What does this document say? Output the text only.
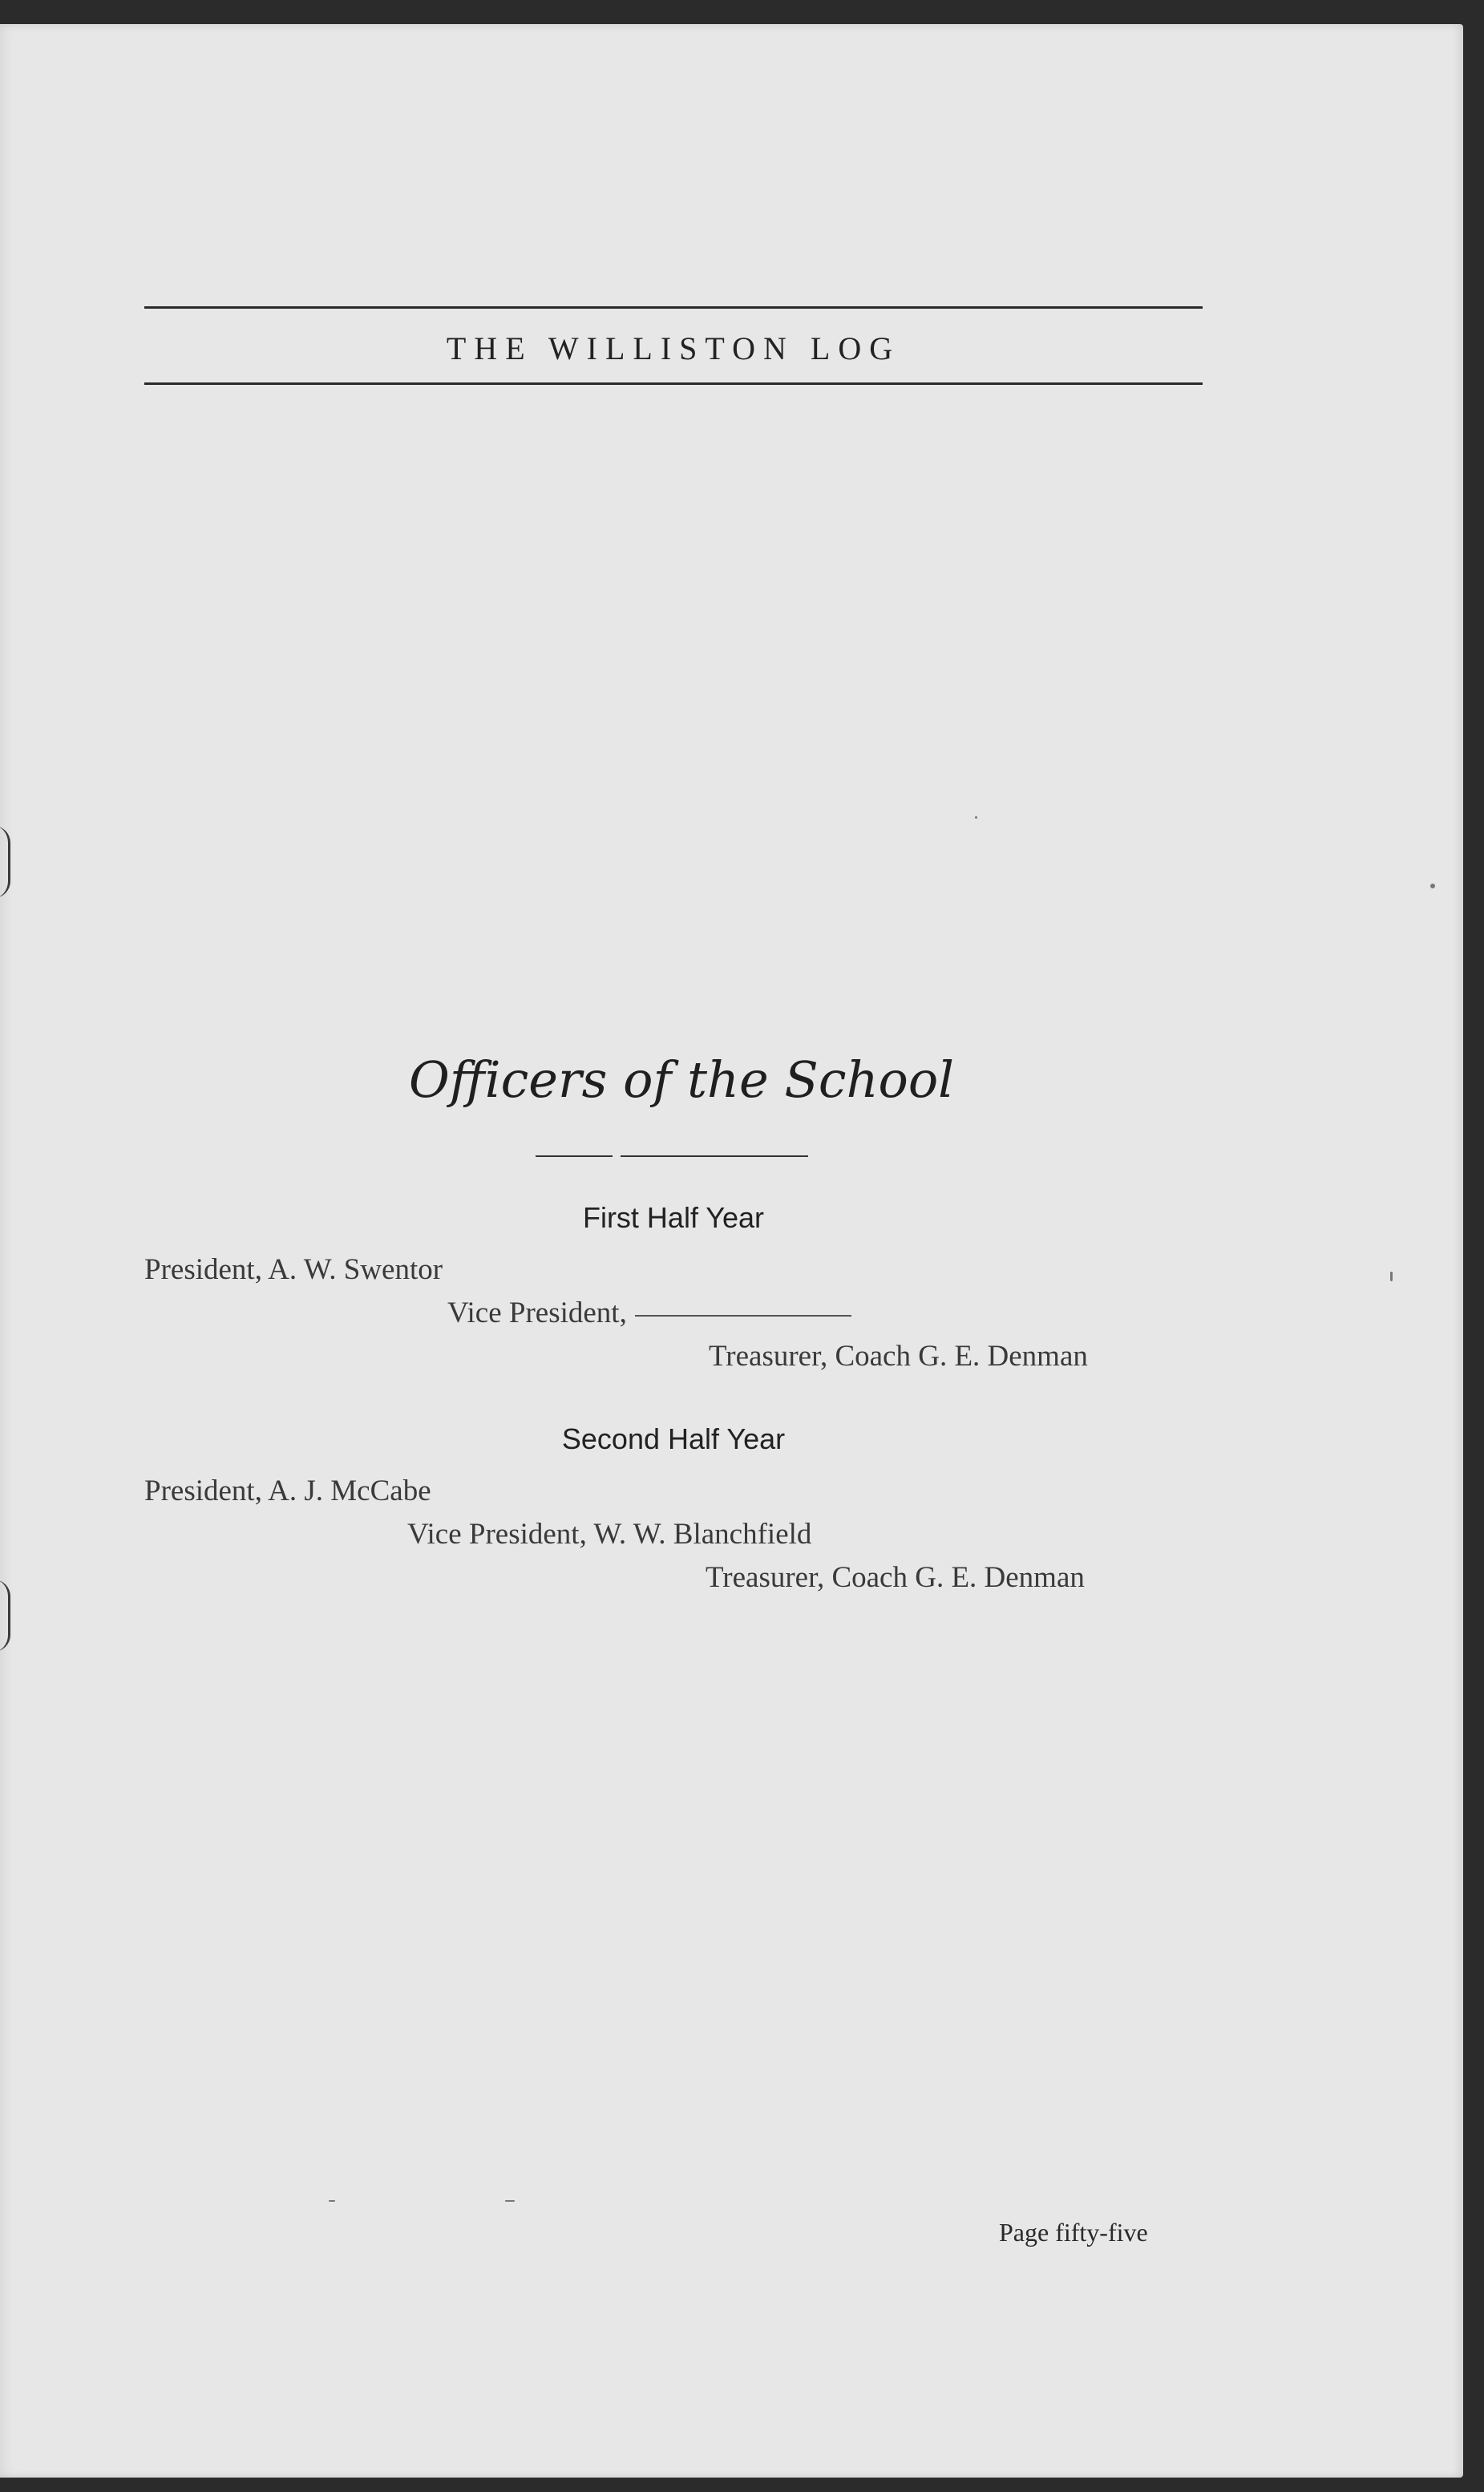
THE WILLISTON LOG
Officers of the School
First Half Year
President, A. W. Swentor
Vice President,
Treasurer, Coach G. E. Denman
Second Half Year
President, A. J. McCabe
Vice President, W. W. Blanchfield
Treasurer, Coach G. E. Denman
Page fifty-five
